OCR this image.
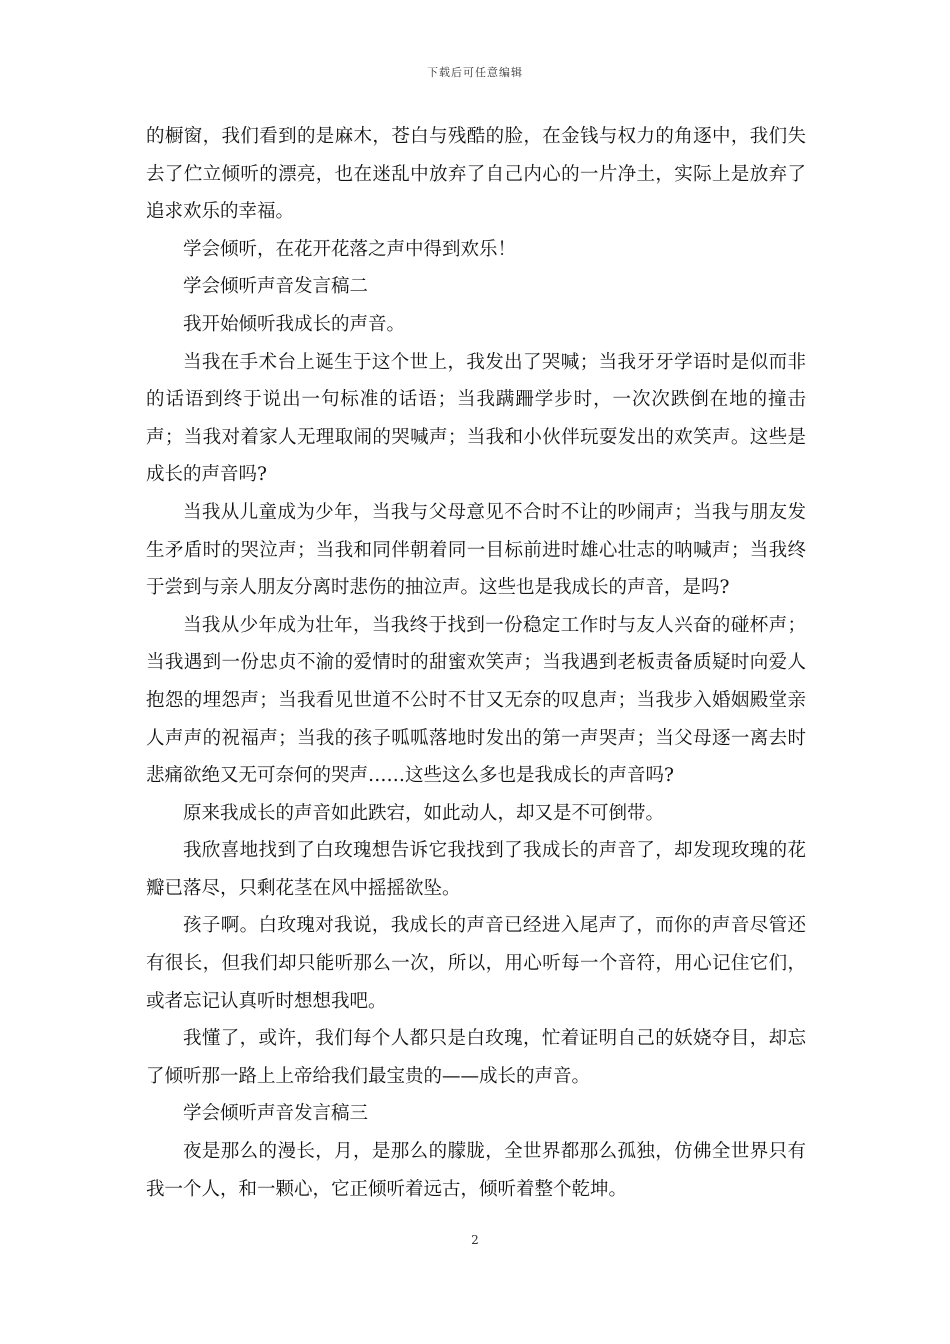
下载后可任意编辑

的橱窗，我们看到的是麻木，苍白与残酷的脸，在金钱与权力的角逐中，我们失去了伫立倾听的漂亮，也在迷乱中放弃了自己内心的一片净土，实际上是放弃了追求欢乐的幸福。

学会倾听，在花开花落之声中得到欢乐！

学会倾听声音发言稿二

我开始倾听我成长的声音。

当我在手术台上诞生于这个世上，我发出了哭喊；当我牙牙学语时是似而非的话语到终于说出一句标准的话语；当我蹒跚学步时，一次次跌倒在地的撞击声；当我对着家人无理取闹的哭喊声；当我和小伙伴玩耍发出的欢笑声。这些是成长的声音吗?

当我从儿童成为少年，当我与父母意见不合时不让的吵闹声；当我与朋友发生矛盾时的哭泣声；当我和同伴朝着同一目标前进时雄心壮志的呐喊声；当我终于尝到与亲人朋友分离时悲伤的抽泣声。这些也是我成长的声音，是吗?

当我从少年成为壮年，当我终于找到一份稳定工作时与友人兴奋的碰杯声；当我遇到一份忠贞不渝的爱情时的甜蜜欢笑声；当我遇到老板责备质疑时向爱人抱怨的埋怨声；当我看见世道不公时不甘又无奈的叹息声；当我步入婚姻殿堂亲人声声的祝福声；当我的孩子呱呱落地时发出的第一声哭声；当父母逐一离去时悲痛欲绝又无可奈何的哭声……这些这么多也是我成长的声音吗?

原来我成长的声音如此跌宕，如此动人，却又是不可倒带。

我欣喜地找到了白玫瑰想告诉它我找到了我成长的声音了，却发现玫瑰的花瓣已落尽，只剩花茎在风中摇摇欲坠。

孩子啊。白玫瑰对我说，我成长的声音已经进入尾声了，而你的声音尽管还有很长，但我们却只能听那么一次，所以，用心听每一个音符，用心记住它们，或者忘记认真听时想想我吧。

我懂了，或许，我们每个人都只是白玫瑰，忙着证明自己的妖娆夺目，却忘了倾听那一路上上帝给我们最宝贵的——成长的声音。

学会倾听声音发言稿三

夜是那么的漫长，月，是那么的朦胧，全世界都那么孤独，仿佛全世界只有我一个人，和一颗心，它正倾听着远古，倾听着整个乾坤。

2
